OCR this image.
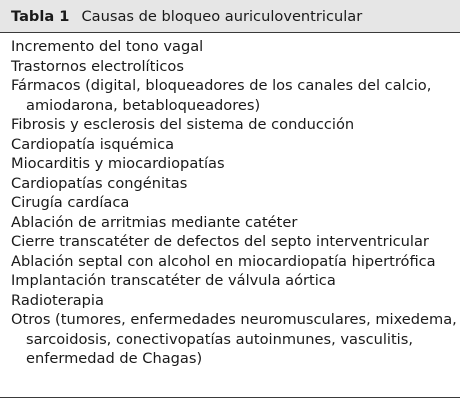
Tabla 1 Causas de bloqueo auriculoventricular
Incremento del tono vagal
Trastornos electrolíticos
Fármacos (digital, bloqueadores de los canales del calcio,
amiodarona, betabloqueadores)
Fibrosis y esclerosis del sistema de conducción
Cardiopatía isquémica
Miocarditis y miocardiopatías
Cardiopatías congénitas
Cirugía cardíaca
Ablación de arritmias mediante catéter
Cierre transcatéter de defectos del septo interventricular
Ablación septal con alcohol en miocardiopatía hipertrófica
Implantación transcatéter de válvula aórtica
Radioterapia
Otros (tumores, enfermedades neuromusculares, mixedema,
sarcoidosis, conectivopatías autoinmunes, vasculitis,
enfermedad de Chagas)
